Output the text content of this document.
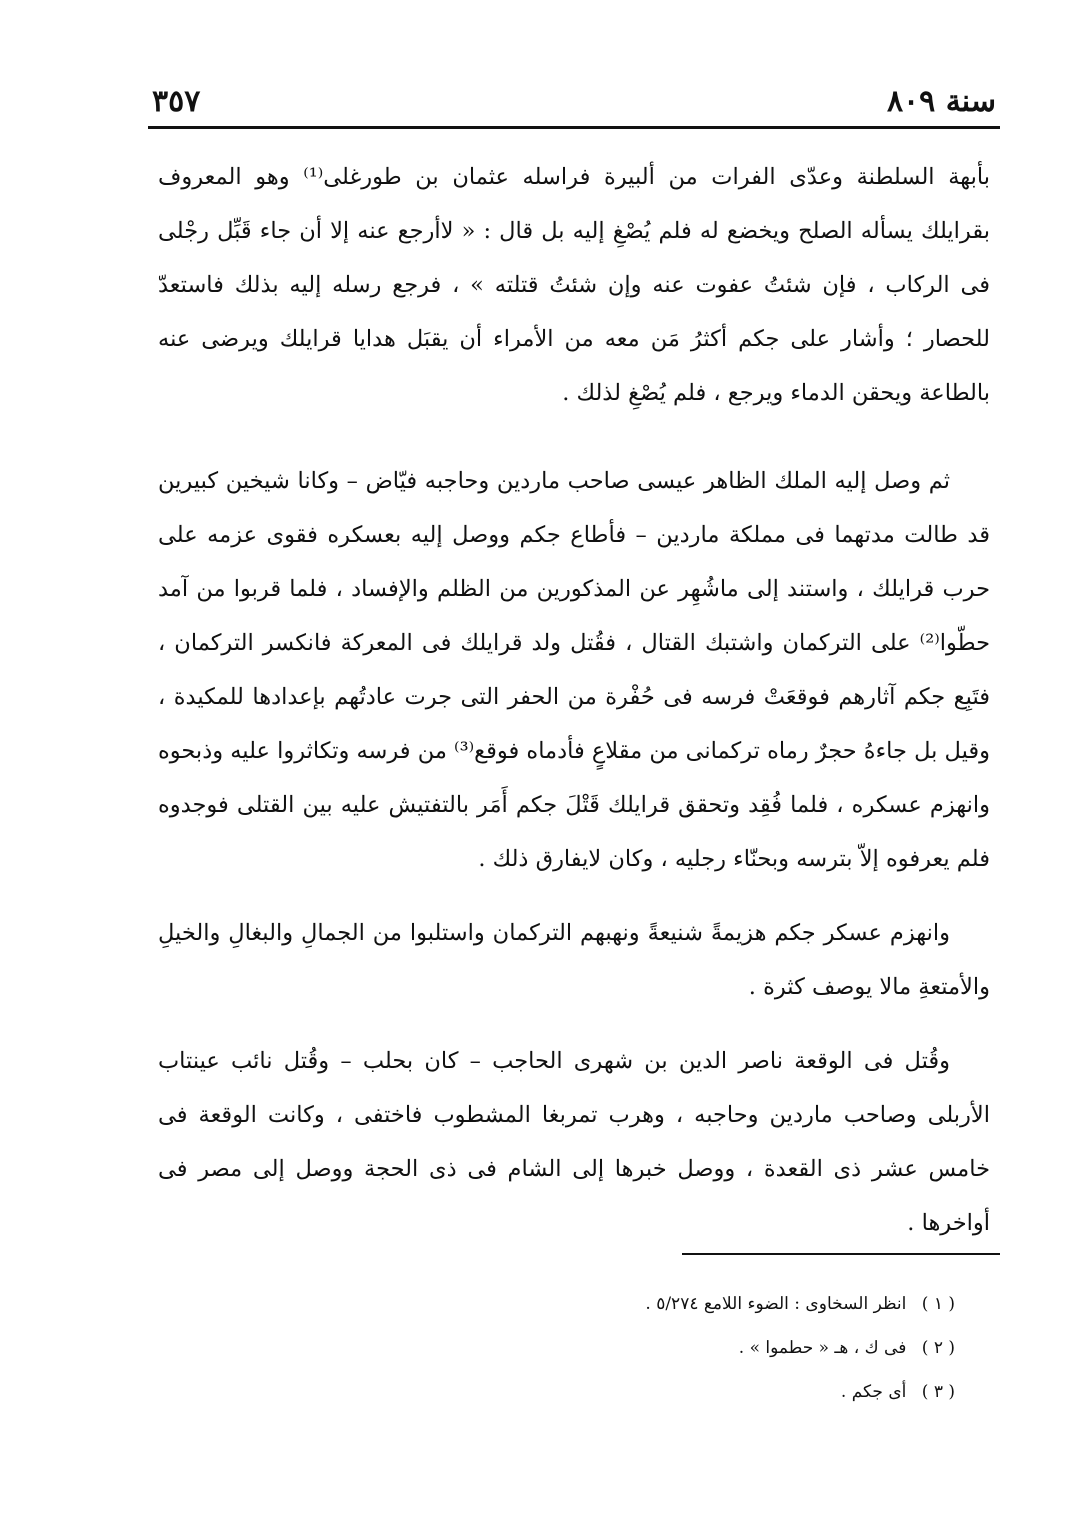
سنة ٨٠٩
٣٥٧

بأبهة السلطنة وعدّى الفرات من ألبيرة فراسله عثمان بن طورغلى⁽¹⁾ وهو المعروف بقرايلك يسأله الصلح ويخضع له فلم يُصْغِ إليه بل قال : « لاأرجع عنه إلا أن جاء قَبِّل رجْلى فى الركاب ، فإن شئتُ عفوت عنه وإن شئتُ قتلته » ، فرجع رسله إليه بذلك فاستعدّ للحصار ؛ وأشار على جكم أكثرُ مَن معه من الأمراء أن يقبَل هدايا قرايلك ويرضى عنه بالطاعة ويحقن الدماء ويرجع ، فلم يُصْغِ لذلك .

ثم وصل إليه الملك الظاهر عيسى صاحب ماردين وحاجبه فيّاض – وكانا شيخين كبيرين قد طالت مدتهما فى مملكة ماردين – فأطاع جكم ووصل إليه بعسكره فقوى عزمه على حرب قرايلك ، واستند إلى ماشُهِر عن المذكورين من الظلم والإفساد ، فلما قربوا من آمد حطّوا⁽²⁾ على التركمان واشتبك القتال ، فقُتل ولد قرايلك فى المعركة فانكسر التركمان ، فتَبِع جكم آثارهم فوقعَتْ فرسه فى حُفْرة من الحفر التى جرت عادتُهم بإعدادها للمكيدة ، وقيل بل جاءهُ حجرٌ رماه تركمانى من مقلاعٍ فأدماه فوقع⁽³⁾ من فرسه وتكاثروا عليه وذبحوه وانهزم عسكره ، فلما فُقِد وتحقق قرايلك قَتْلَ جكم أَمَر بالتفتيش عليه بين القتلى فوجدوه فلم يعرفوه إلاّ بترسه وبحنّاء رجليه ، وكان لايفارق ذلك .

وانهزم عسكر جكم هزيمةً شنيعةً ونهبهم التركمان واستلبوا من الجمالِ والبغالِ والخيلِ والأمتعةِ مالا يوصف كثرة .

وقُتل فى الوقعة ناصر الدين بن شهرى الحاجب – كان بحلب – وقُتل نائب عينتاب الأربلى وصاحب ماردين وحاجبه ، وهرب تمربغا المشطوب فاختفى ، وكانت الوقعة فى خامس عشر ذى القعدة ، ووصل خبرها إلى الشام فى ذى الحجة ووصل إلى مصر فى أواخرها .

( ١ ) انظر السخاوى : الضوء اللامع ٥/٢٧٤ .
( ٢ ) فى ك ، هـ « حطموا » .
( ٣ ) أى جكم .
